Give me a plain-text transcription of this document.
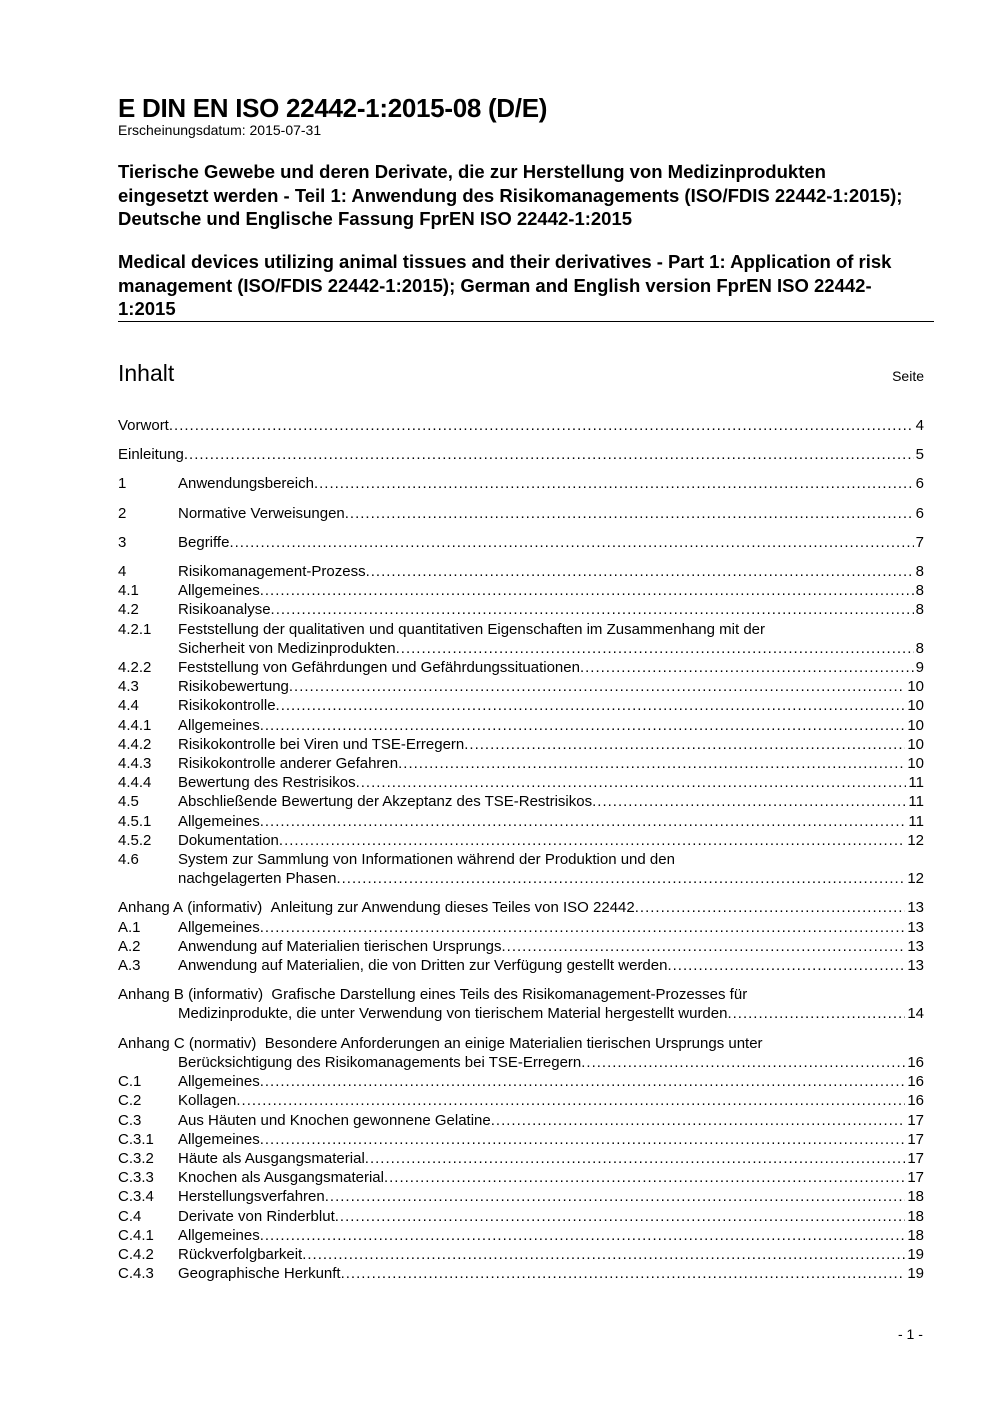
E DIN EN ISO 22442-1:2015-08 (D/E)
Erscheinungsdatum: 2015-07-31
Tierische Gewebe und deren Derivate, die zur Herstellung von Medizinprodukten eingesetzt werden - Teil 1: Anwendung des Risikomanagements (ISO/FDIS 22442-1:2015); Deutsche und Englische Fassung FprEN ISO 22442-1:2015
Medical devices utilizing animal tissues and their derivatives - Part 1: Application of risk management (ISO/FDIS 22442-1:2015); German and English version FprEN ISO 22442-1:2015
Inhalt	Seite
Vorwort .....	4
Einleitung .....	5
1	Anwendungsbereich .....	6
2	Normative Verweisungen .....	6
3	Begriffe .....	7
4	Risikomanagement-Prozess .....	8
4.1	Allgemeines .....	8
4.2	Risikoanalyse .....	8
4.2.1	Feststellung der qualitativen und quantitativen Eigenschaften im Zusammenhang mit der
Sicherheit von Medizinprodukten .....	8
4.2.2	Feststellung von Gefährdungen und Gefährdungssituationen .....	9
4.3	Risikobewertung .....	10
4.4	Risikokontrolle .....	10
4.4.1	Allgemeines .....	10
4.4.2	Risikokontrolle bei Viren und TSE-Erregern .....	10
4.4.3	Risikokontrolle anderer Gefahren .....	10
4.4.4	Bewertung des Restrisikos .....	11
4.5	Abschließende Bewertung der Akzeptanz des TSE-Restrisikos .....	11
4.5.1	Allgemeines .....	11
4.5.2	Dokumentation .....	12
4.6	System zur Sammlung von Informationen während der Produktion und den
nachgelagerten Phasen .....	12
Anhang A (informativ) Anleitung zur Anwendung dieses Teiles von ISO 22442 .....	13
A.1	Allgemeines .....	13
A.2	Anwendung auf Materialien tierischen Ursprungs .....	13
A.3	Anwendung auf Materialien, die von Dritten zur Verfügung gestellt werden .....	13
Anhang B
(informativ)
Grafische Darstellung eines Teils des Risikomanagement-Prozesses für
Medizinprodukte, die unter Verwendung von tierischem Material hergestellt wurden .....	14
Anhang C
(normativ)
Besondere Anforderungen an einige Materialien tierischen Ursprungs unter
Berücksichtigung des Risikomanagements bei TSE-Erregern .....	16
C.1	Allgemeines .....	16
C.2	Kollagen .....	16
C.3	Aus Häuten und Knochen gewonnene Gelatine .....	17
C.3.1	Allgemeines .....	17
C.3.2	Häute als Ausgangsmaterial .....	17
C.3.3	Knochen als Ausgangsmaterial .....	17
C.3.4	Herstellungsverfahren .....	18
C.4	Derivate von Rinderblut .....	18
C.4.1	Allgemeines .....	18
C.4.2	Rückverfolgbarkeit .....	19
C.4.3	Geographische Herkunft .....	19
- 1 -
